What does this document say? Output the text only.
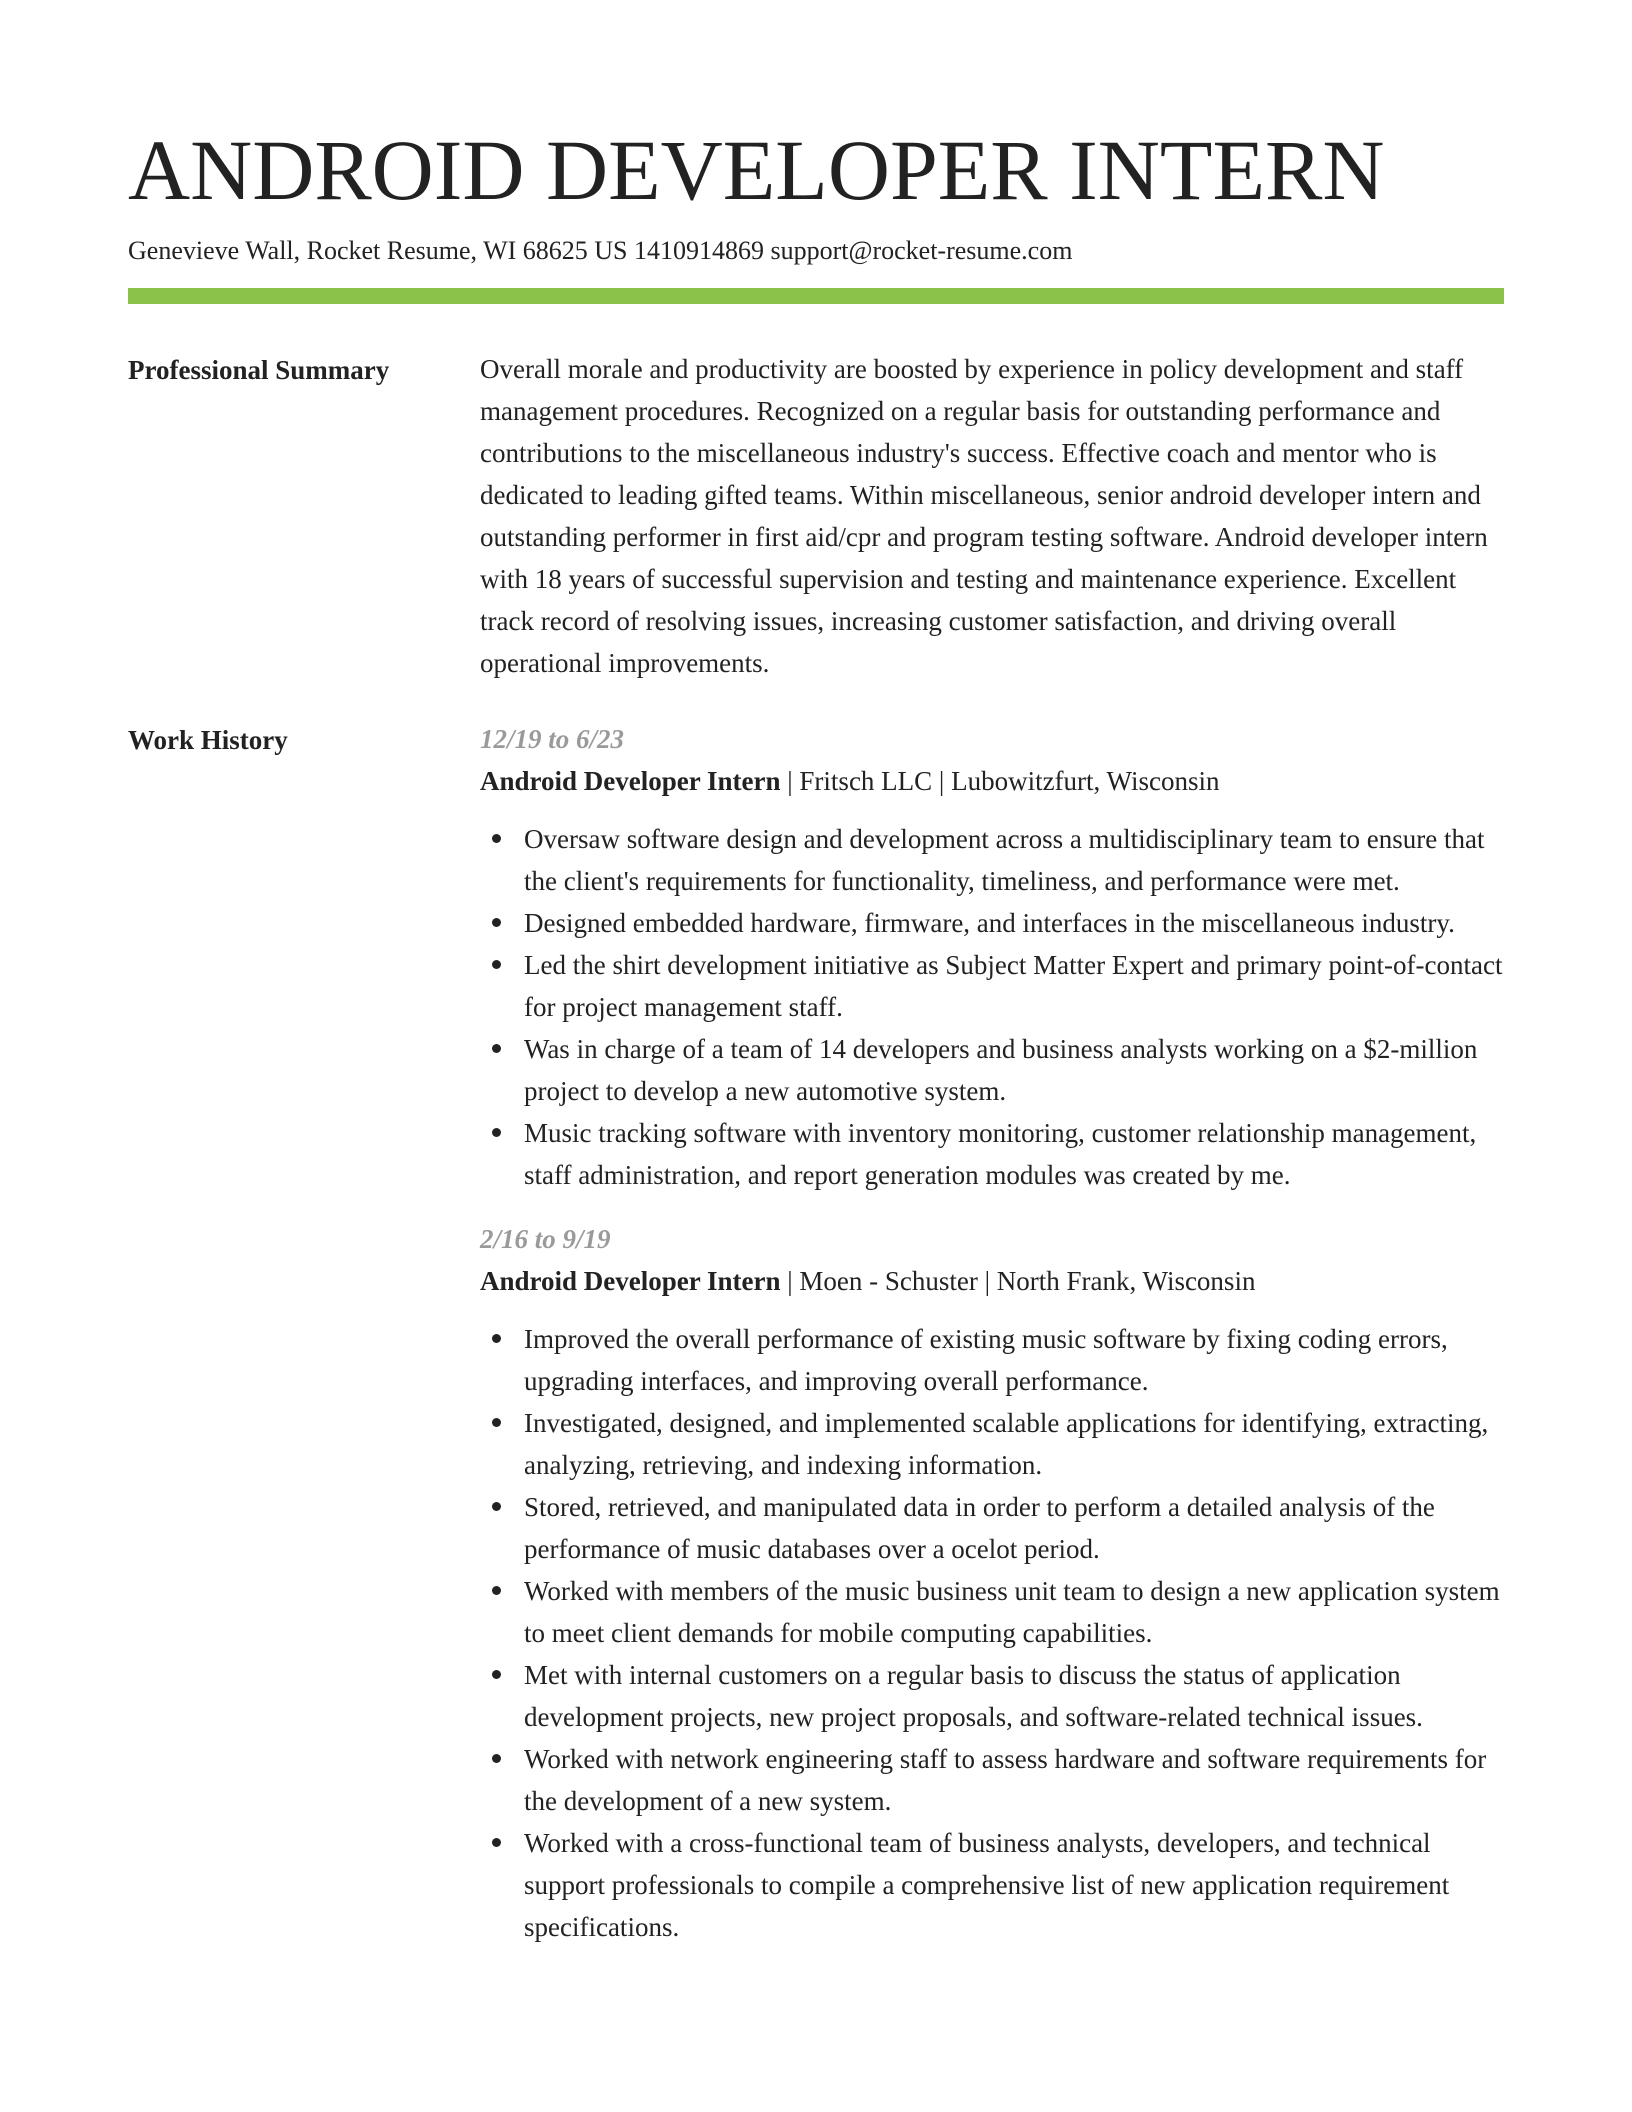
ANDROID DEVELOPER INTERN
Genevieve Wall, Rocket Resume, WI 68625 US 1410914869 support@rocket-resume.com
Professional Summary	Overall morale and productivity are boosted by experience in policy development and staff management procedures. Recognized on a regular basis for outstanding performance and contributions to the miscellaneous industry's success. Effective coach and mentor who is dedicated to leading gifted teams. Within miscellaneous, senior android developer intern and outstanding performer in first aid/cpr and program testing software. Android developer intern with 18 years of successful supervision and testing and maintenance experience. Excellent track record of resolving issues, increasing customer satisfaction, and driving overall operational improvements.

Work History	12/19 to 6/23
Android Developer Intern | Fritsch LLC | Lubowitzfurt, Wisconsin
Oversaw software design and development across a multidisciplinary team to ensure that the client's requirements for functionality, timeliness, and performance were met.
Designed embedded hardware, firmware, and interfaces in the miscellaneous industry.
Led the shirt development initiative as Subject Matter Expert and primary point-of-contact for project management staff.
Was in charge of a team of 14 developers and business analysts working on a $2-million project to develop a new automotive system.
Music tracking software with inventory monitoring, customer relationship management, staff administration, and report generation modules was created by me.
2/16 to 9/19
Android Developer Intern | Moen - Schuster | North Frank, Wisconsin
Improved the overall performance of existing music software by fixing coding errors, upgrading interfaces, and improving overall performance.
Investigated, designed, and implemented scalable applications for identifying, extracting, analyzing, retrieving, and indexing information.
Stored, retrieved, and manipulated data in order to perform a detailed analysis of the performance of music databases over a ocelot period.
Worked with members of the music business unit team to design a new application system to meet client demands for mobile computing capabilities.
Met with internal customers on a regular basis to discuss the status of application development projects, new project proposals, and software-related technical issues.
Worked with network engineering staff to assess hardware and software requirements for the development of a new system.
Worked with a cross-functional team of business analysts, developers, and technical support professionals to compile a comprehensive list of new application requirement specifications.
